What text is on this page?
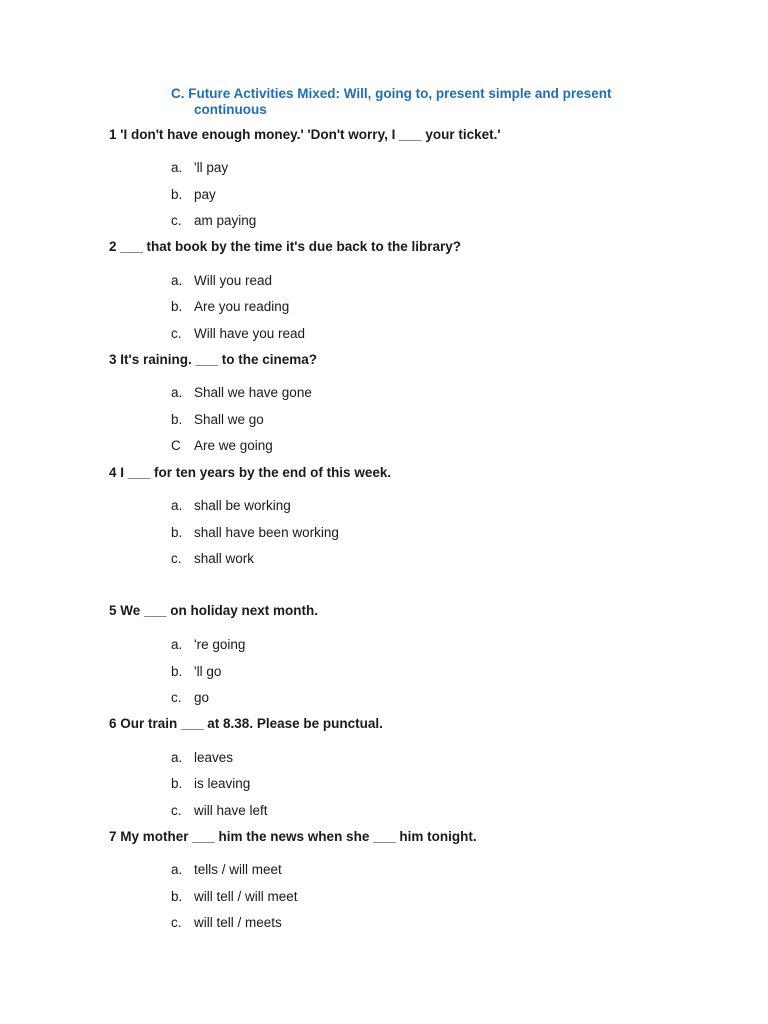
C. Future Activities Mixed: Will, going to, present simple and present
continuous
1 'I don't have enough money.' 'Don't worry, I ___ your ticket.'
a. 'll pay
b. pay
c. am paying
2 ___ that book by the time it's due back to the library?
a. Will you read
b. Are you reading
c. Will have you read
3 It's raining. ___ to the cinema?
a. Shall we have gone
b. Shall we go
C Are we going
4 I ___ for ten years by the end of this week.
a. shall be working
b. shall have been working
c. shall work
5 We ___ on holiday next month.
a. 're going
b. 'll go
c. go
6 Our train ___ at 8.38. Please be punctual.
a. leaves
b. is leaving
c. will have left
7 My mother ___ him the news when she ___ him tonight.
a. tells / will meet
b. will tell / will meet
c. will tell / meets
